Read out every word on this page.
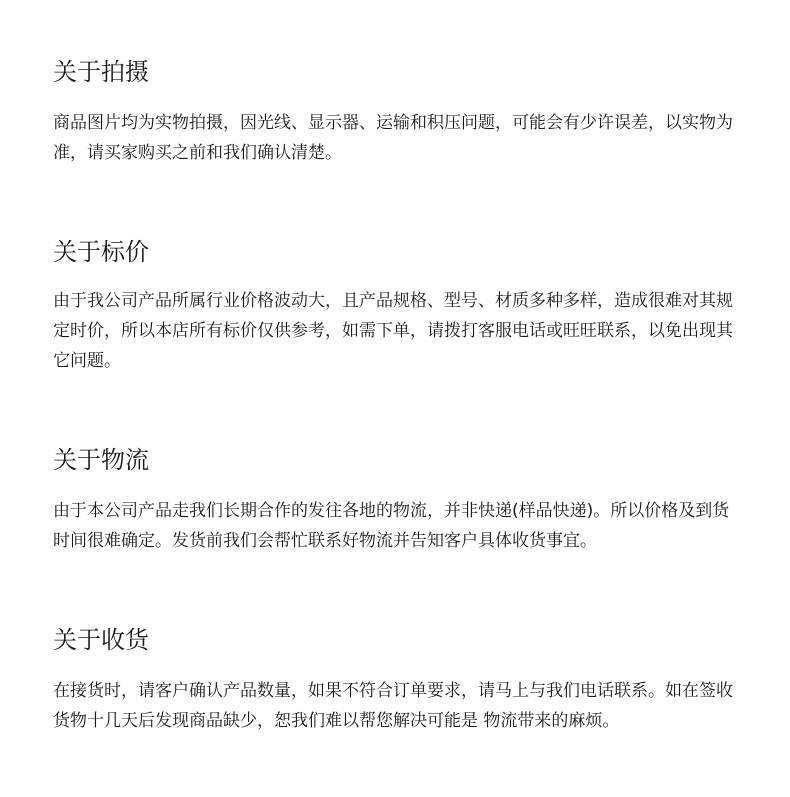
关于拍摄

商品图片均为实物拍摄，因光线、显示器、运输和积压问题，可能会有少许误差，以实物为准，请买家购买之前和我们确认清楚。

关于标价

由于我公司产品所属行业价格波动大，且产品规格、型号、材质多种多样，造成很难对其规定时价，所以本店所有标价仅供参考，如需下单，请拨打客服电话或旺旺联系，以免出现其它问题。

关于物流

由于本公司产品走我们长期合作的发往各地的物流，并非快递(样品快递)。所以价格及到货时间很难确定。发货前我们会帮忙联系好物流并告知客户具体收货事宜。

关于收货

在接货时，请客户确认产品数量，如果不符合订单要求，请马上与我们电话联系。如在签收货物十几天后发现商品缺少，恕我们难以帮您解决可能是 物流带来的麻烦。
